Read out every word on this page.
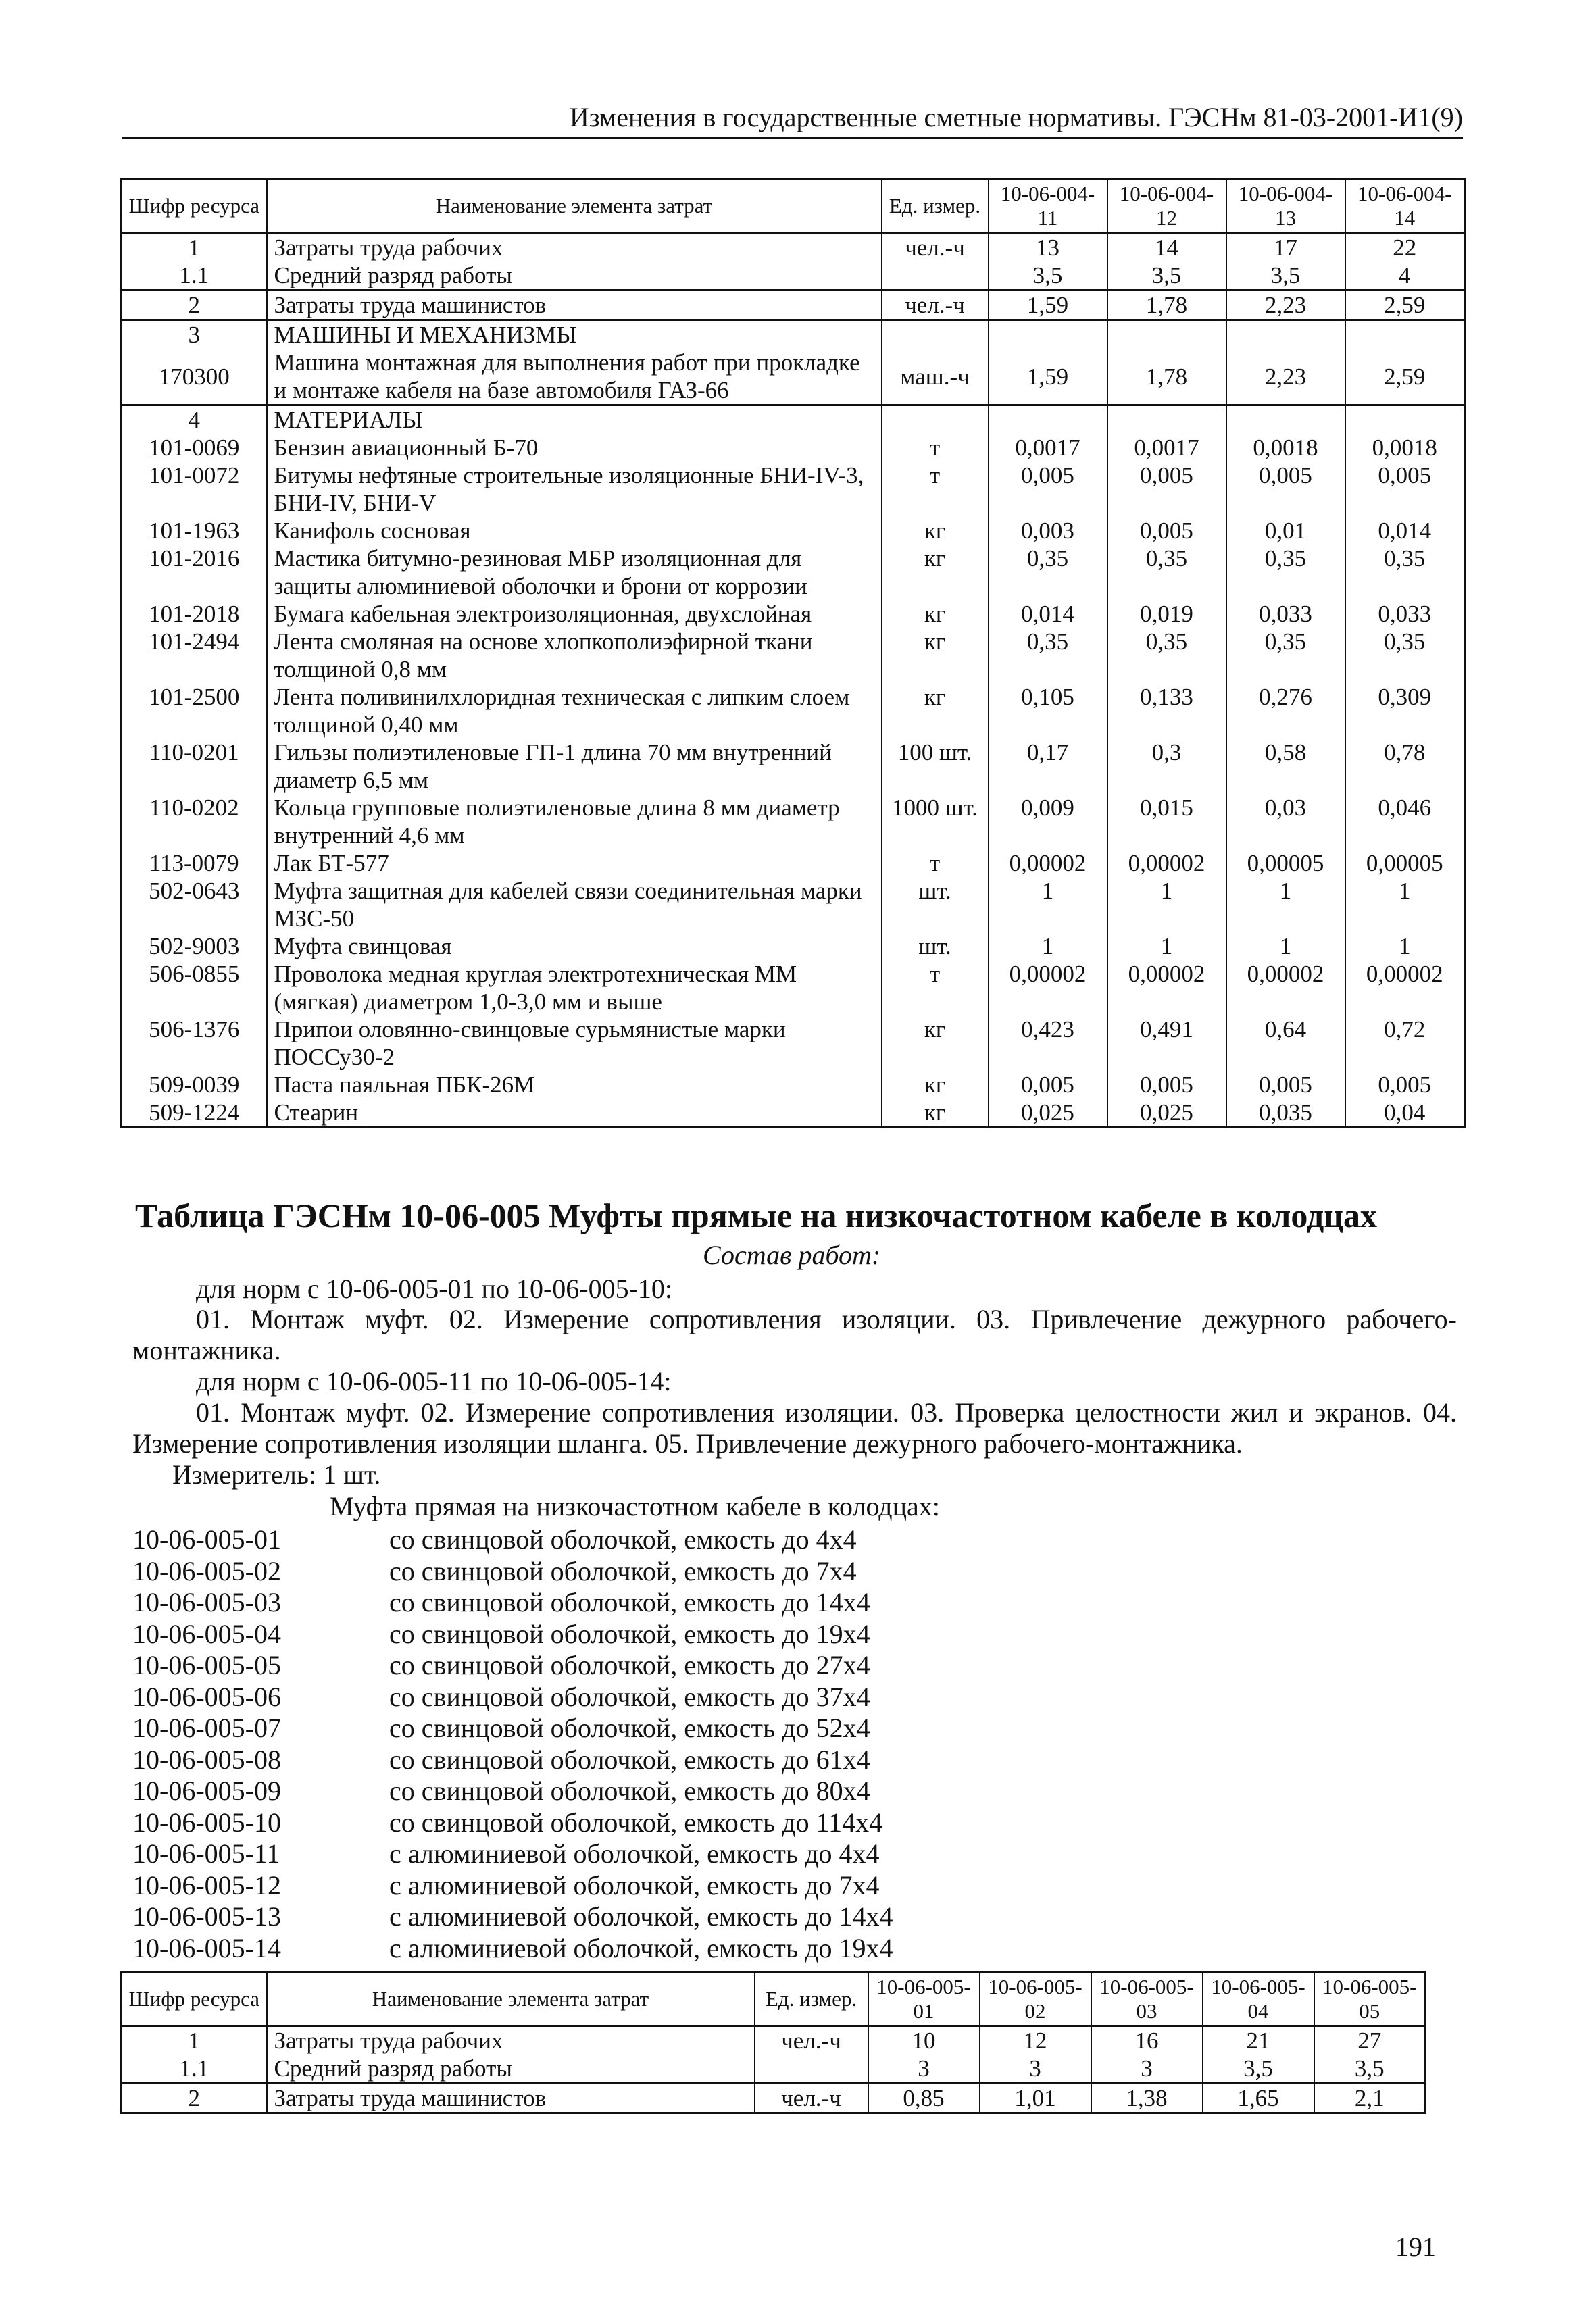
Изменения в государственные сметные нормативы. ГЭСНм 81-03-2001-И1(9)
Шифр ресурса	Наименование элемента затрат	Ед. измер.	10-06-004-11	10-06-004-12	10-06-004-13	10-06-004-14
1	Затраты труда рабочих	чел.-ч	13	14	17	22
1.1	Средний разряд работы		3,5	3,5	3,5	4
2	Затраты труда машинистов	чел.-ч	1,59	1,78	2,23	2,59
3	МАШИНЫ И МЕХАНИЗМЫ					
170300	Машина монтажная для выполнения работ при прокладке и монтаже кабеля на базе автомобиля ГАЗ-66	маш.-ч	1,59	1,78	2,23	2,59
4	МАТЕРИАЛЫ					
101-0069	Бензин авиационный Б-70	т	0,0017	0,0017	0,0018	0,0018
101-0072	Битумы нефтяные строительные изоляционные БНИ-IV-3, БНИ-IV, БНИ-V	т	0,005	0,005	0,005	0,005
101-1963	Канифоль сосновая	кг	0,003	0,005	0,01	0,014
101-2016	Мастика битумно-резиновая МБР изоляционная для защиты алюминиевой оболочки и брони от коррозии	кг	0,35	0,35	0,35	0,35
101-2018	Бумага кабельная электроизоляционная, двухслойная	кг	0,014	0,019	0,033	0,033
101-2494	Лента смоляная на основе хлопкополиэфирной ткани толщиной 0,8 мм	кг	0,35	0,35	0,35	0,35
101-2500	Лента поливинилхлоридная техническая с липким слоем толщиной 0,40 мм	кг	0,105	0,133	0,276	0,309
110-0201	Гильзы полиэтиленовые ГП-1 длина 70 мм внутренний диаметр 6,5 мм	100 шт.	0,17	0,3	0,58	0,78
110-0202	Кольца групповые полиэтиленовые длина 8 мм диаметр внутренний 4,6 мм	1000 шт.	0,009	0,015	0,03	0,046
113-0079	Лак БТ-577	т	0,00002	0,00002	0,00005	0,00005
502-0643	Муфта защитная для кабелей связи соединительная марки МЗС-50	шт.	1	1	1	1
502-9003	Муфта свинцовая	шт.	1	1	1	1
506-0855	Проволока медная круглая электротехническая ММ (мягкая) диаметром 1,0-3,0 мм и выше	т	0,00002	0,00002	0,00002	0,00002
506-1376	Припои оловянно-свинцовые сурьмянистые марки ПОССу30-2	кг	0,423	0,491	0,64	0,72
509-0039	Паста паяльная ПБК-26М	кг	0,005	0,005	0,005	0,005
509-1224	Стеарин	кг	0,025	0,025	0,035	0,04
Таблица ГЭСНм 10-06-005 Муфты прямые на низкочастотном кабеле в колодцах
Состав работ:
для норм с 10-06-005-01 по 10-06-005-10:
01. Монтаж муфт. 02. Измерение сопротивления изоляции. 03. Привлечение дежурного рабочего-монтажника.
для норм с 10-06-005-11 по 10-06-005-14:
01. Монтаж муфт. 02. Измерение сопротивления изоляции. 03. Проверка целостности жил и экранов. 04. Измерение сопротивления изоляции шланга. 05. Привлечение дежурного рабочего-монтажника.
Измеритель: 1 шт.
Муфта прямая на низкочастотном кабеле в колодцах:
10-06-005-01	со свинцовой оболочкой, емкость до 4x4
10-06-005-02	со свинцовой оболочкой, емкость до 7x4
10-06-005-03	со свинцовой оболочкой, емкость до 14x4
10-06-005-04	со свинцовой оболочкой, емкость до 19x4
10-06-005-05	со свинцовой оболочкой, емкость до 27x4
10-06-005-06	со свинцовой оболочкой, емкость до 37x4
10-06-005-07	со свинцовой оболочкой, емкость до 52x4
10-06-005-08	со свинцовой оболочкой, емкость до 61x4
10-06-005-09	со свинцовой оболочкой, емкость до 80x4
10-06-005-10	со свинцовой оболочкой, емкость до 114x4
10-06-005-11	с алюминиевой оболочкой, емкость до 4x4
10-06-005-12	с алюминиевой оболочкой, емкость до 7x4
10-06-005-13	с алюминиевой оболочкой, емкость до 14x4
10-06-005-14	с алюминиевой оболочкой, емкость до 19x4
Шифр ресурса	Наименование элемента затрат	Ед. измер.	10-06-005-01	10-06-005-02	10-06-005-03	10-06-005-04	10-06-005-05
1	Затраты труда рабочих	чел.-ч	10	12	16	21	27
1.1	Средний разряд работы		3	3	3	3,5	3,5
2	Затраты труда машинистов	чел.-ч	0,85	1,01	1,38	1,65	2,1
191
